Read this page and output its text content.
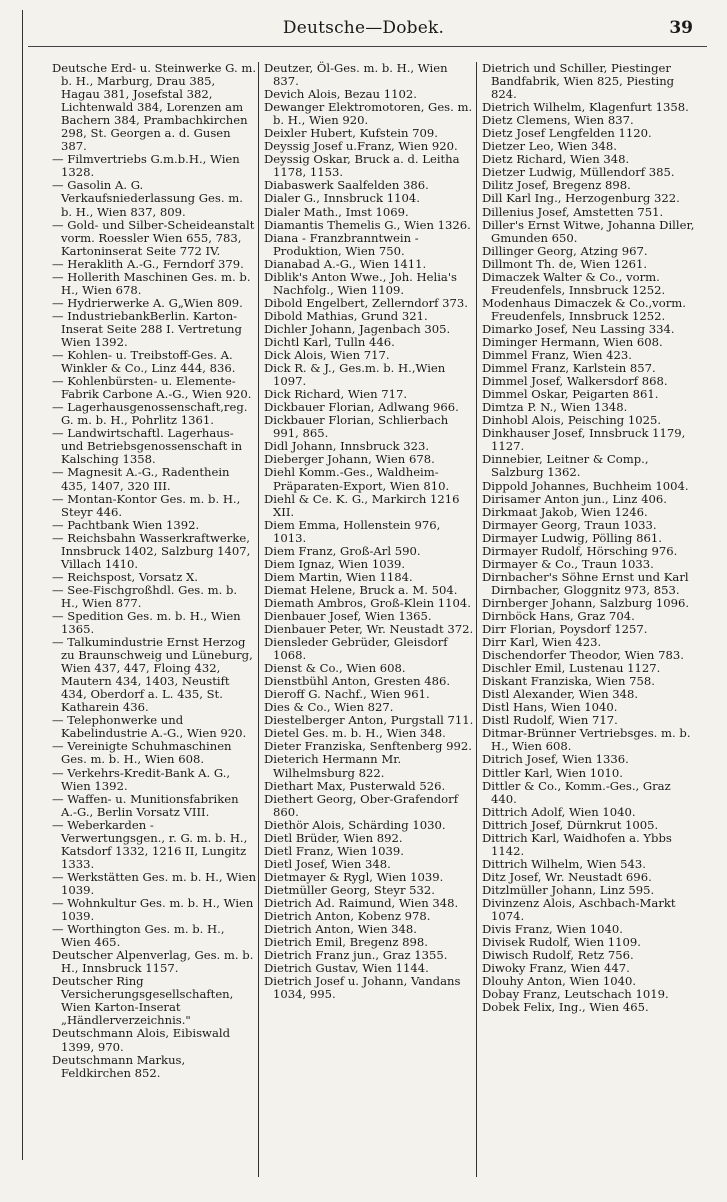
Deutsche—Dobek.	39
Deutsche Erd- u. Steinwerke G. m. b. H., Marburg, Drau 385, Hagau 381, Josefstal 382, Lichtenwald 384, Lorenzen am Bachern 384, Prambachkirchen 298, St. Georgen a. d. Gusen 387.
— Filmvertriebs G.m.b.H., Wien 1328.
— Gasolin A. G. Verkaufsniederlassung Ges. m. b. H., Wien 837, 809.
— Gold- und Silber-Scheideanstalt vorm. Roessler Wien 655, 783, Kartoninserat Seite 772 IV.
— Heraklith A.-G., Ferndorf 379.
— Hollerith Maschinen Ges. m. b. H., Wien 678.
— Hydrierwerke A. G„Wien 809.
— IndustriebankBerlin. Karton-Inserat Seite 288 I. Vertretung Wien 1392.
— Kohlen- u. Treibstoff-Ges. A. Winkler & Co., Linz 444, 836.
— Kohlenbürsten- u. Elemente-Fabrik Carbone A.-G., Wien 920.
— Lagerhausgenossenschaft,reg. G. m. b. H., Pohrlitz 1361.
— Landwirtschaftl. Lagerhaus- und Betriebsgenossenschaft in Kalsching 1358.
— Magnesit A.-G., Radenthein 435, 1407, 320 III.
— Montan-Kontor Ges. m. b. H., Steyr 446.
— Pachtbank Wien 1392.
— Reichsbahn Wasserkraftwerke, Innsbruck 1402, Salzburg 1407, Villach 1410.
— Reichspost, Vorsatz X.
— See-Fischgroßhdl. Ges. m. b. H., Wien 877.
— Spedition Ges. m. b. H., Wien 1365.
— Talkumindustrie Ernst Herzog zu Braunschweig und Lüneburg, Wien 437, 447, Floing 432, Mautern 434, 1403, Neustift 434, Oberdorf a. L. 435, St. Katharein 436.
— Telephonwerke und Kabelindustrie A.-G., Wien 920.
— Vereinigte Schuhmaschinen Ges. m. b. H., Wien 608.
— Verkehrs-Kredit-Bank A. G., Wien 1392.
— Waffen- u. Munitionsfabriken A.-G., Berlin Vorsatz VIII.
— Weberkarden - Verwertungsgen., r. G. m. b. H., Katsdorf 1332, 1216 II, Lungitz 1333.
— Werkstätten Ges. m. b. H., Wien 1039.
— Wohnkultur Ges. m. b. H., Wien 1039.
— Worthington Ges. m. b. H., Wien 465.
Deutscher Alpenverlag, Ges. m. b. H., Innsbruck 1157.
Deutscher Ring Versicherungsgesellschaften, Wien Karton-Inserat „Händlerverzeichnis."
Deutschmann Alois, Eibiswald 1399, 970.
Deutschmann Markus, Feldkirchen 852.
Deutzer, Öl-Ges. m. b. H., Wien 837.
Devich Alois, Bezau 1102.
Dewanger Elektromotoren, Ges. m. b. H., Wien 920.
Deixler Hubert, Kufstein 709.
Deyssig Josef u.Franz, Wien 920.
Deyssig Oskar, Bruck a. d. Leitha 1178, 1153.
Diabaswerk Saalfelden 386.
Dialer G., Innsbruck 1104.
Dialer Math., Imst 1069.
Diamantis Themelis G., Wien 1326.
Diana - Franzbranntwein - Produktion, Wien 750.
Dianabad A.-G., Wien 1411.
Diblik's Anton Wwe., Joh. Helia's Nachfolg., Wien 1109.
Dibold Engelbert, Zellerndorf 373.
Dibold Mathias, Grund 321.
Dichler Johann, Jagenbach 305.
Dichtl Karl, Tulln 446.
Dick Alois, Wien 717.
Dick R. & J., Ges.m. b. H.,Wien 1097.
Dick Richard, Wien 717.
Dickbauer Florian, Adlwang 966.
Dickbauer Florian, Schlierbach 991, 865.
Didl Johann, Innsbruck 323.
Dieberger Johann, Wien 678.
Diehl Komm.-Ges., Waldheim-Präparaten-Export, Wien 810.
Diehl & Ce. K. G., Markirch 1216 XII.
Diem Emma, Hollenstein 976, 1013.
Diem Franz, Groß-Arl 590.
Diem Ignaz, Wien 1039.
Diem Martin, Wien 1184.
Diemat Helene, Bruck a. M. 504.
Diemath Ambros, Groß-Klein 1104.
Dienbauer Josef, Wien 1365.
Dienbauer Peter, Wr. Neustadt 372.
Diensleder Gebrüder, Gleisdorf 1068.
Dienst & Co., Wien 608.
Dienstbühl Anton, Gresten 486.
Dieroff G. Nachf., Wien 961.
Dies & Co., Wien 827.
Diestelberger Anton, Purgstall 711.
Dietel Ges. m. b. H., Wien 348.
Dieter Franziska, Senftenberg 992.
Dieterich Hermann Mr. Wilhelmsburg 822.
Diethart Max, Pusterwald 526.
Diethert Georg, Ober-Grafendorf 860.
Diethör Alois, Schärding 1030.
Dietl Brüder, Wien 892.
Dietl Franz, Wien 1039.
Dietl Josef, Wien 348.
Dietmayer & Rygl, Wien 1039.
Dietmüller Georg, Steyr 532.
Dietrich Ad. Raimund, Wien 348.
Dietrich Anton, Kobenz 978.
Dietrich Anton, Wien 348.
Dietrich Emil, Bregenz 898.
Dietrich Franz jun., Graz 1355.
Dietrich Gustav, Wien 1144.
Dietrich Josef u. Johann, Vandans 1034, 995.
Dietrich und Schiller, Piestinger Bandfabrik, Wien 825, Piesting 824.
Dietrich Wilhelm, Klagenfurt 1358.
Dietz Clemens, Wien 837.
Dietz Josef Lengfelden 1120.
Dietzer Leo, Wien 348.
Dietz Richard, Wien 348.
Dietzer Ludwig, Müllendorf 385.
Dilitz Josef, Bregenz 898.
Dill Karl Ing., Herzogenburg 322.
Dillenius Josef, Amstetten 751.
Diller's Ernst Witwe, Johanna Diller, Gmunden 650.
Dillinger Georg, Atzing 967.
Dillmont Th. de, Wien 1261.
Dimaczek Walter & Co., vorm. Freudenfels, Innsbruck 1252.
Modenhaus Dimaczek & Co.,vorm. Freudenfels, Innsbruck 1252.
Dimarko Josef, Neu Lassing 334.
Diminger Hermann, Wien 608.
Dimmel Franz, Wien 423.
Dimmel Franz, Karlstein 857.
Dimmel Josef, Walkersdorf 868.
Dimmel Oskar, Peigarten 861.
Dimtza P. N., Wien 1348.
Dinhobl Alois, Peisching 1025.
Dinkhauser Josef, Innsbruck 1179, 1127.
Dinnebier, Leitner & Comp., Salzburg 1362.
Dippold Johannes, Buchheim 1004.
Dirisamer Anton jun., Linz 406.
Dirkmaat Jakob, Wien 1246.
Dirmayer Georg, Traun 1033.
Dirmayer Ludwig, Pölling 861.
Dirmayer Rudolf, Hörsching 976.
Dirmayer & Co., Traun 1033.
Dirnbacher's Söhne Ernst und Karl Dirnbacher, Gloggnitz 973, 853.
Dirnberger Johann, Salzburg 1096.
Dirnböck Hans, Graz 704.
Dirr Florian, Poysdorf 1257.
Dirr Karl, Wien 423.
Dischendorfer Theodor, Wien 783.
Dischler Emil, Lustenau 1127.
Diskant Franziska, Wien 758.
Distl Alexander, Wien 348.
Distl Hans, Wien 1040.
Distl Rudolf, Wien 717.
Ditmar-Brünner Vertriebsges. m. b. H., Wien 608.
Ditrich Josef, Wien 1336.
Dittler Karl, Wien 1010.
Dittler & Co., Komm.-Ges., Graz 440.
Dittrich Adolf, Wien 1040.
Dittrich Josef, Dürnkrut 1005.
Dittrich Karl, Waidhofen a. Ybbs 1142.
Dittrich Wilhelm, Wien 543.
Ditz Josef, Wr. Neustadt 696.
Ditzlmüller Johann, Linz 595.
Divinzenz Alois, Aschbach-Markt 1074.
Divis Franz, Wien 1040.
Divisek Rudolf, Wien 1109.
Diwisch Rudolf, Retz 756.
Diwoky Franz, Wien 447.
Dlouhy Anton, Wien 1040.
Dobay Franz, Leutschach 1019.
Dobek Felix, Ing., Wien 465.
